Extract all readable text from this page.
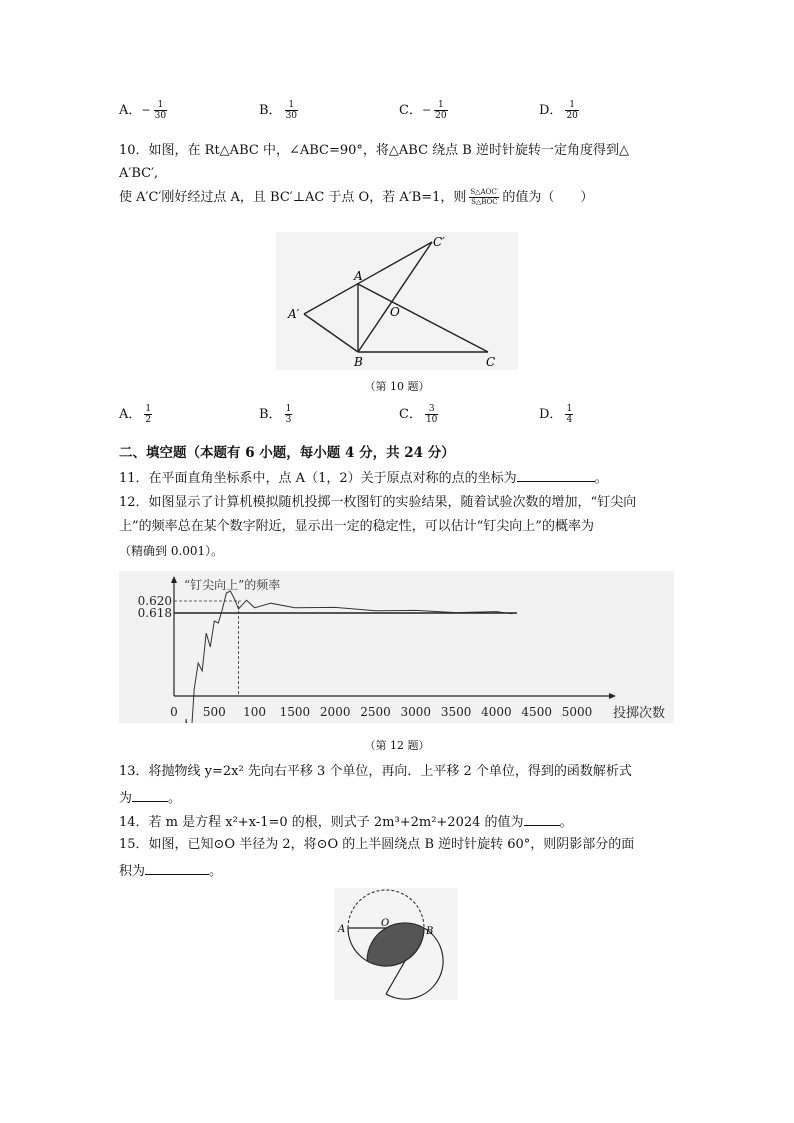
A．− $\frac{1}{30}$	B． $\frac{1}{30}$	C．− $\frac{1}{20}$	D． $\frac{1}{20}$
10．如图，在 Rt△ABC 中，∠ABC=90°，将△ABC 绕点 B 逆时针旋转一定角度得到△
A′BC′,
使 A′C′刚好经过点 A，且 BC′⊥AC 于点 O，若 A′B=1，则 $\frac{\text{S△AOC′}}{\text{S△BOC}}$ 的值为（　　）
A
A′
B	C
C′
O
（第 10 题）
A． $\frac{1}{2}$	B． $\frac{1}{3}$	C． $\frac{3}{10}$	D． $\frac{1}{4}$
二、填空题（本题有 6 小题，每小题 4 分，共 24 分）
11．在平面直角坐标系中，点 A（1，2）关于原点对称的点的坐标为	。
12．如图显示了计算机模拟随机投掷一枚图钉的实验结果，随着试验次数的增加，“钉尖向
上”的频率总在某个数字附近，显示出一定的稳定性，可以估计“钉尖向上”的概率为
（精确到 0.001）。
“钉尖向上”的频率
投掷次数
0.620
0.618
0 500 100 1500 2000 2500 3000 3500 4000 4500 5000
（第 12 题）
13．将抛物线 y=2x² 先向右平移 3 个单位，再向．上平移 2 个单位，得到的函数解析式
为	。
14．若 m 是方程 x²+x-1=0 的根，则式子 2m³+2m²+2024 的值为	。
15．如图，已知⊙O 半径为 2，将⊙O 的上半圆绕点 B 逆时针旋转 60°，则阴影部分的面
积为	。
A
O
B
